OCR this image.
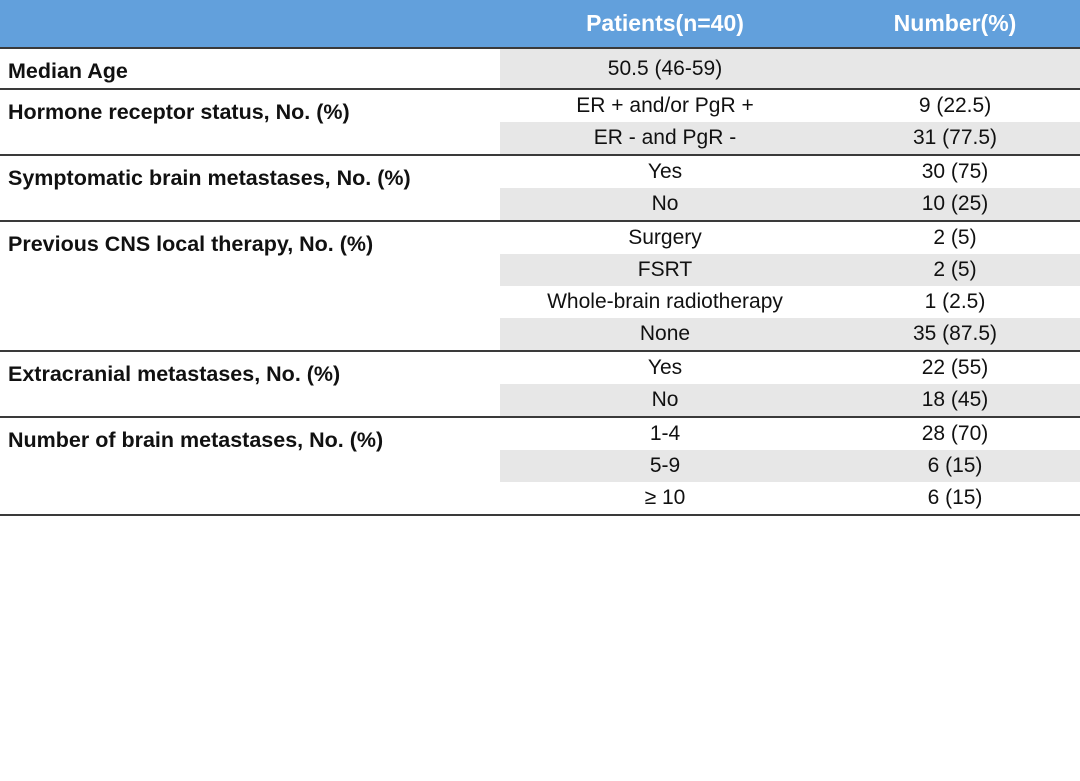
	Patients(n=40)	Number(%)
Median Age	50.5 (46-59)	
Hormone receptor status, No. (%)	ER + and/or PgR +	9 (22.5)
	ER - and PgR -	31 (77.5)
Symptomatic brain metastases, No. (%)	Yes	30 (75)
	No	10 (25)
Previous CNS local therapy, No. (%)	Surgery	2 (5)
	FSRT	2 (5)
	Whole-brain radiotherapy	1 (2.5)
	None	35 (87.5)
Extracranial metastases, No. (%)	Yes	22 (55)
	No	18 (45)
Number of brain metastases, No. (%)	1-4	28 (70)
	5-9	6 (15)
	≥ 10	6 (15)
